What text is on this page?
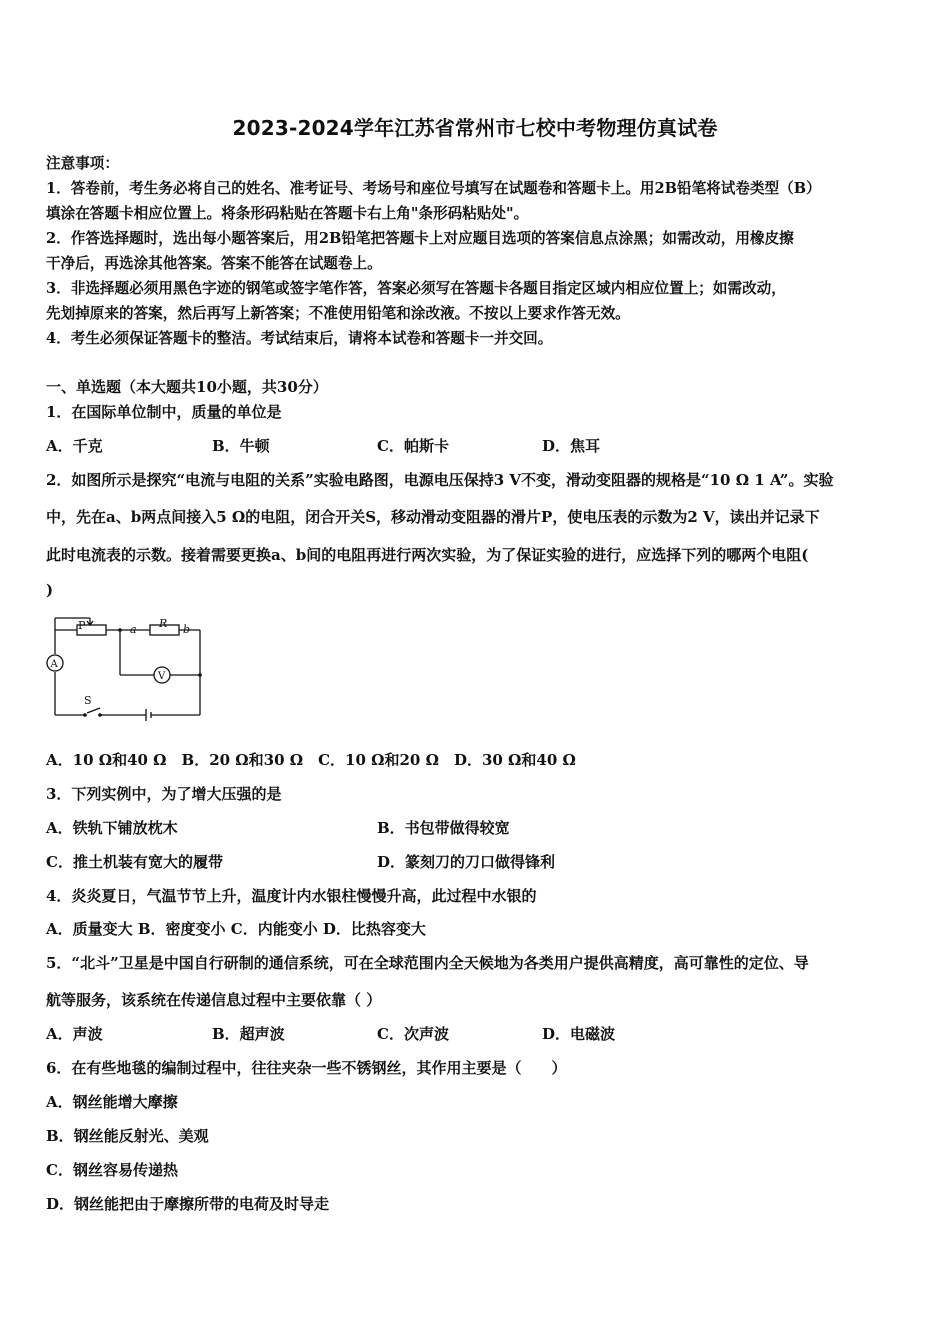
2023-2024学年江苏省常州市七校中考物理仿真试卷
注意事项：
1．答卷前，考生务必将自己的姓名、准考证号、考场号和座位号填写在试题卷和答题卡上。用2B铅笔将试卷类型（B）
填涂在答题卡相应位置上。将条形码粘贴在答题卡右上角"条形码粘贴处"。
2．作答选择题时，选出每小题答案后，用2B铅笔把答题卡上对应题目选项的答案信息点涂黑；如需改动，用橡皮擦
干净后，再选涂其他答案。答案不能答在试题卷上。
3．非选择题必须用黑色字迹的钢笔或签字笔作答，答案必须写在答题卡各题目指定区域内相应位置上；如需改动，
先划掉原来的答案，然后再写上新答案；不准使用铅笔和涂改液。不按以上要求作答无效。
4．考生必须保证答题卡的整洁。考试结束后，请将本试卷和答题卡一并交回。
一、单选题（本大题共10小题，共30分）
1．在国际单位制中，质量的单位是
A．千克	B．牛顿	C．帕斯卡	D．焦耳
2．如图所示是探究“电流与电阻的关系”实验电路图，电源电压保持3 V不变，滑动变阻器的规格是“10 Ω 1 A”。实验
中，先在a、b两点间接入5 Ω的电阻，闭合开关S，移动滑动变阻器的滑片P，使电压表的示数为2 V，读出并记录下
此时电流表的示数。接着需要更换a、b间的电阻再进行两次实验，为了保证实验的进行，应选择下列的哪两个电阻(
)
P	a R b
A
V
S
A．10 Ω和40 Ω　B．20 Ω和30 Ω　C．10 Ω和20 Ω　D．30 Ω和40 Ω
3．下列实例中，为了增大压强的是
A．铁轨下铺放枕木	B．书包带做得较宽
C．推土机装有宽大的履带	D．篆刻刀的刀口做得锋利
4．炎炎夏日，气温节节上升，温度计内水银柱慢慢升高，此过程中水银的
A．质量变大 B．密度变小 C．内能变小 D．比热容变大
5．“北斗”卫星是中国自行研制的通信系统，可在全球范围内全天候地为各类用户提供高精度，高可靠性的定位、导
航等服务，该系统在传递信息过程中主要依靠（ ）
A．声波	B．超声波	C．次声波	D．电磁波
6．在有些地毯的编制过程中，往往夹杂一些不锈钢丝，其作用主要是（　　）
A．钢丝能增大摩擦
B．钢丝能反射光、美观
C．钢丝容易传递热
D．钢丝能把由于摩擦所带的电荷及时导走
